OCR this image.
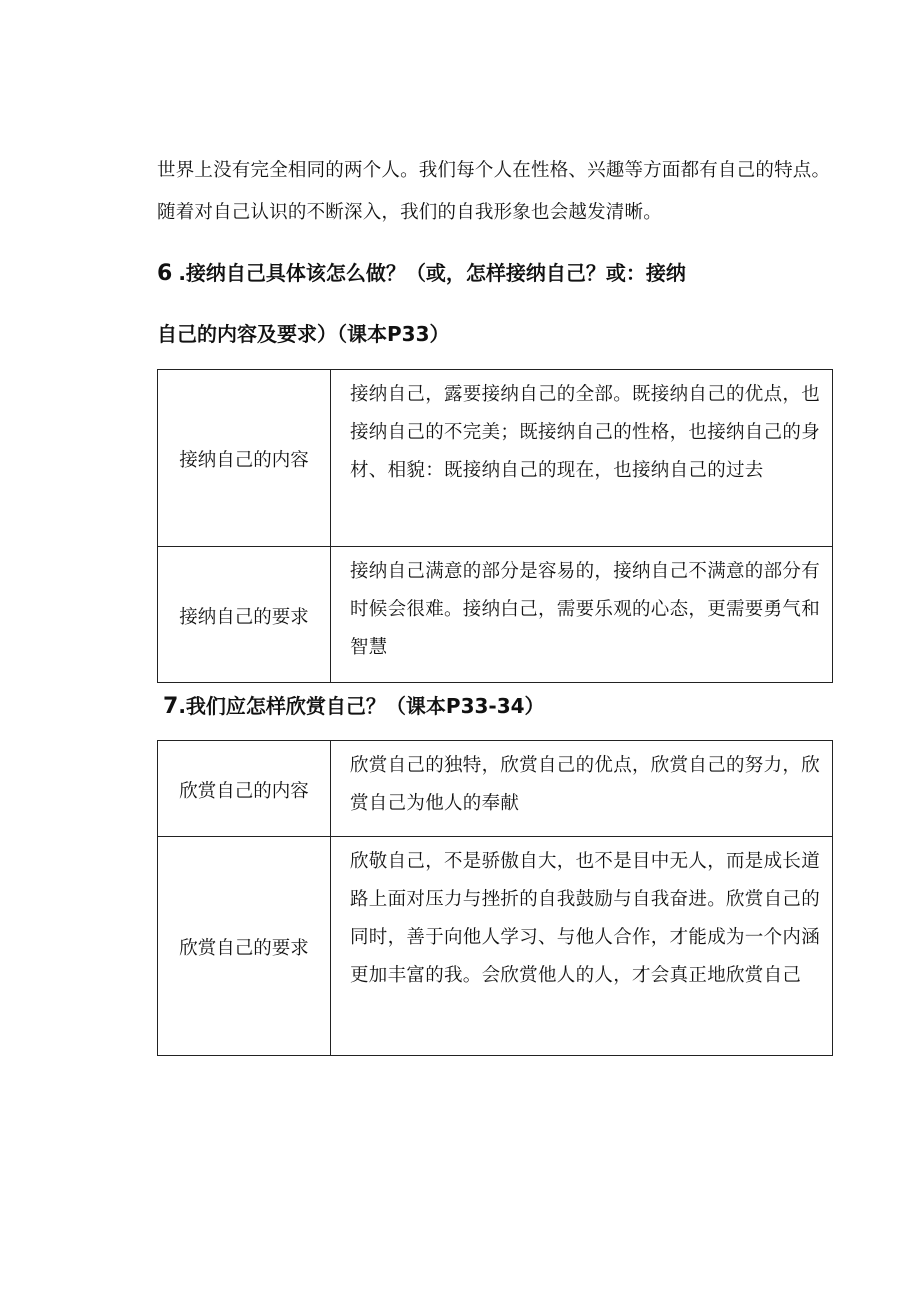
世界上没有完全相同的两个人。我们每个人在性格、兴趣等方面都有自己的特点。随着对自己认识的不断深入，我们的自我形象也会越发清晰。

6 .接纳自己具体该怎么做？（或，怎样接纳自己？或：接纳
自己的内容及要求）（课本P33）
接纳自己的内容	接纳自己，露要接纳自己的全部。既接纳自己的优点，也接纳自己的不完美；既接纳自己的性格，也接纳自己的身材、相貌：既接纳自己的现在，也接纳自己的过去
接纳自己的要求	接纳自己满意的部分是容易的，接纳自己不满意的部分有时候会很难。接纳白己，需要乐观的心态，更需要勇气和智慧
7.我们应怎样欣赏自己？（课本P33-34）
欣赏自己的内容	欣赏自己的独特，欣赏自己的优点，欣赏自己的努力，欣赏自己为他人的奉献
欣赏自己的要求	欣敬自己，不是骄傲自大，也不是目中无人，而是成长道路上面对压力与挫折的自我鼓励与自我奋进。欣赏自己的同时，善于向他人学习、与他人合作，才能成为一个内涵更加丰富的我。会欣赏他人的人，才会真正地欣赏自己
